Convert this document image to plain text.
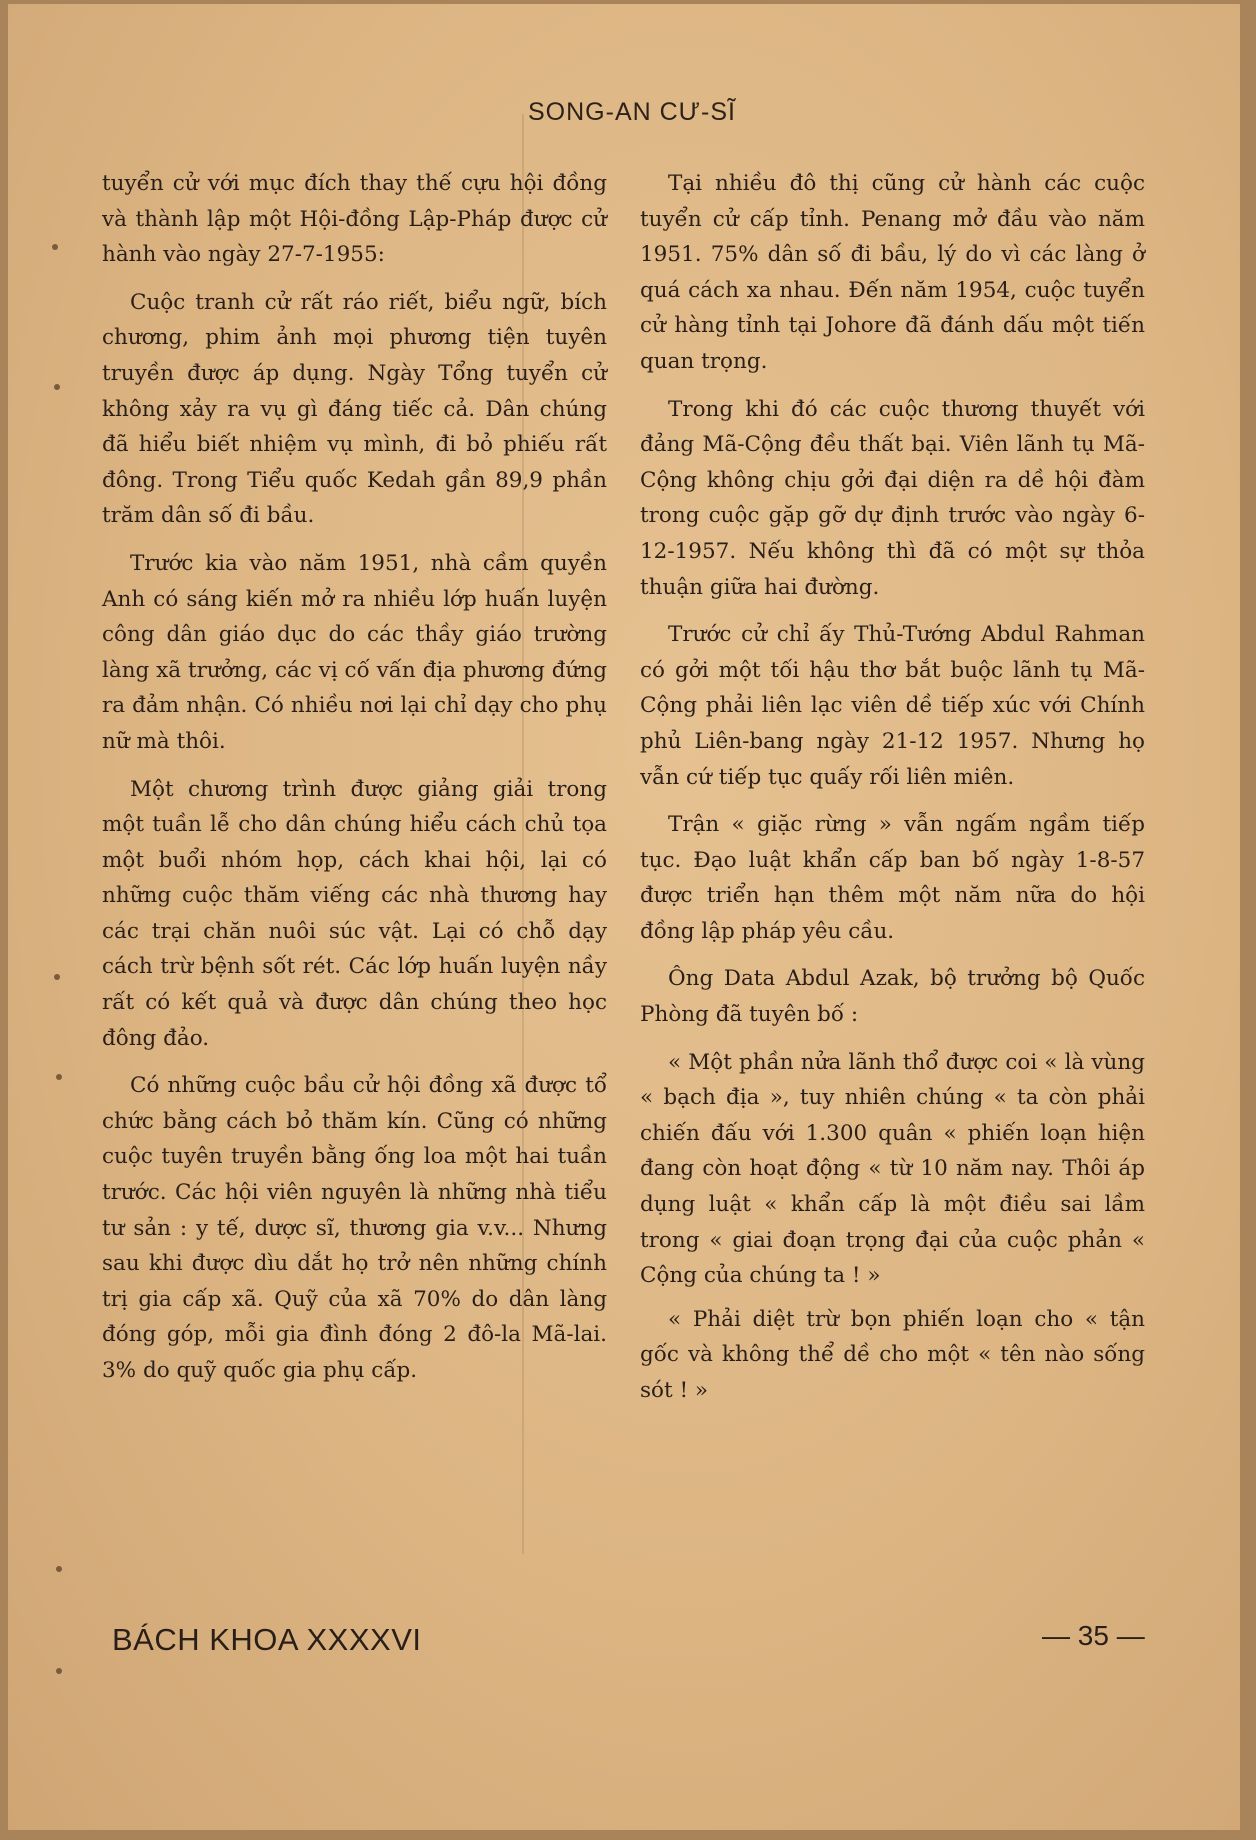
SONG-AN CƯ-SĨ

tuyển cử với mục đích thay thế cựu hội đồng và thành lập một Hội-đồng Lập-Pháp được cử hành vào ngày 27-7-1955:

Cuộc tranh cử rất ráo riết, biểu ngữ, bích chương, phim ảnh mọi phương tiện tuyên truyền được áp dụng. Ngày Tổng tuyển cử không xảy ra vụ gì đáng tiếc cả. Dân chúng đã hiểu biết nhiệm vụ mình, đi bỏ phiếu rất đông. Trong Tiểu quốc Kedah gần 89,9 phần trăm dân số đi bầu.

Trước kia vào năm 1951, nhà cầm quyền Anh có sáng kiến mở ra nhiều lớp huấn luyện công dân giáo dục do các thầy giáo trường làng xã trưởng, các vị cố vấn địa phương đứng ra đảm nhận. Có nhiều nơi lại chỉ dạy cho phụ nữ mà thôi.

Một chương trình được giảng giải trong một tuần lễ cho dân chúng hiểu cách chủ tọa một buổi nhóm họp, cách khai hội, lại có những cuộc thăm viếng các nhà thương hay các trại chăn nuôi súc vật. Lại có chỗ dạy cách trừ bệnh sốt rét. Các lớp huấn luyện nầy rất có kết quả và được dân chúng theo học đông đảo.

Có những cuộc bầu cử hội đồng xã được tổ chức bằng cách bỏ thăm kín. Cũng có những cuộc tuyên truyền bằng ống loa một hai tuần trước. Các hội viên nguyên là những nhà tiểu tư sản : y tế, dược sĩ, thương gia v.v... Nhưng sau khi được dìu dắt họ trở nên những chính trị gia cấp xã. Quỹ của xã 70% do dân làng đóng góp, mỗi gia đình đóng 2 đô-la Mã-lai. 3% do quỹ quốc gia phụ cấp.

Tại nhiều đô thị cũng cử hành các cuộc tuyển cử cấp tỉnh. Penang mở đầu vào năm 1951. 75% dân số đi bầu, lý do vì các làng ở quá cách xa nhau. Đến năm 1954, cuộc tuyển cử hàng tỉnh tại Johore đã đánh dấu một tiến quan trọng.

Trong khi đó các cuộc thương thuyết với đảng Mã-Cộng đều thất bại. Viên lãnh tụ Mã-Cộng không chịu gởi đại diện ra dề hội đàm trong cuộc gặp gỡ dự định trước vào ngày 6-12-1957. Nếu không thì đã có một sự thỏa thuận giữa hai đường.

Trước cử chỉ ấy Thủ-Tướng Abdul Rahman có gởi một tối hậu thơ bắt buộc lãnh tụ Mã-Cộng phải liên lạc viên dề tiếp xúc với Chính phủ Liên-bang ngày 21-12 1957. Nhưng họ vẫn cứ tiếp tục quấy rối liên miên.

Trận « giặc rừng » vẫn ngấm ngầm tiếp tục. Đạo luật khẩn cấp ban bố ngày 1-8-57 được triển hạn thêm một năm nữa do hội đồng lập pháp yêu cầu.

Ông Data Abdul Azak, bộ trưởng bộ Quốc Phòng đã tuyên bố :

« Một phần nửa lãnh thổ được coi « là vùng « bạch địa », tuy nhiên chúng « ta còn phải chiến đấu với 1.300 quân « phiến loạn hiện đang còn hoạt động « từ 10 năm nay. Thôi áp dụng luật « khẩn cấp là một điều sai lầm trong « giai đoạn trọng đại của cuộc phản « Cộng của chúng ta ! »

« Phải diệt trừ bọn phiến loạn cho « tận gốc và không thể dề cho một « tên nào sống sót ! »

BÁCH KHOA XXXXVI	— 35 —
